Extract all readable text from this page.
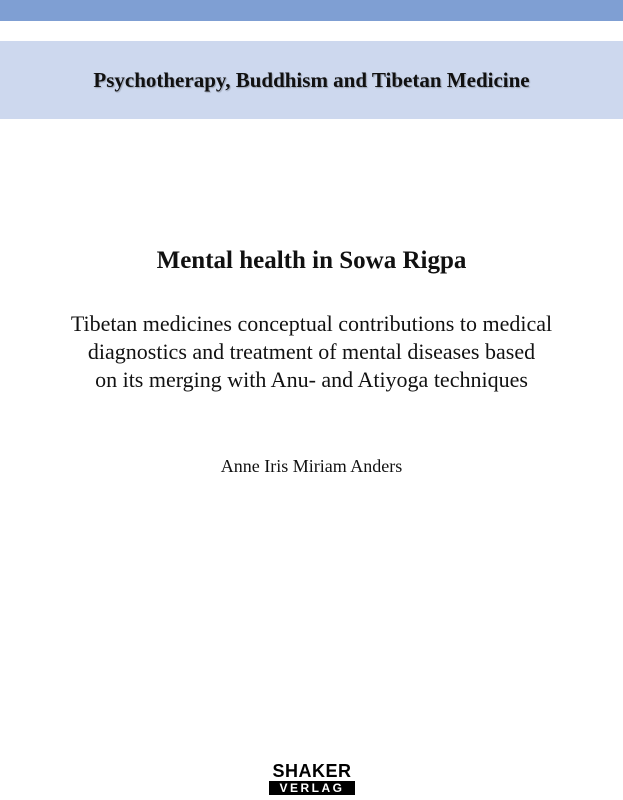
Psychotherapy, Buddhism and Tibetan Medicine
Mental health in Sowa Rigpa
Tibetan medicines conceptual contributions to medical
diagnostics and treatment of mental diseases based
on its merging with Anu- and Atiyoga techniques
Anne Iris Miriam Anders
SHAKER
VERLAG
